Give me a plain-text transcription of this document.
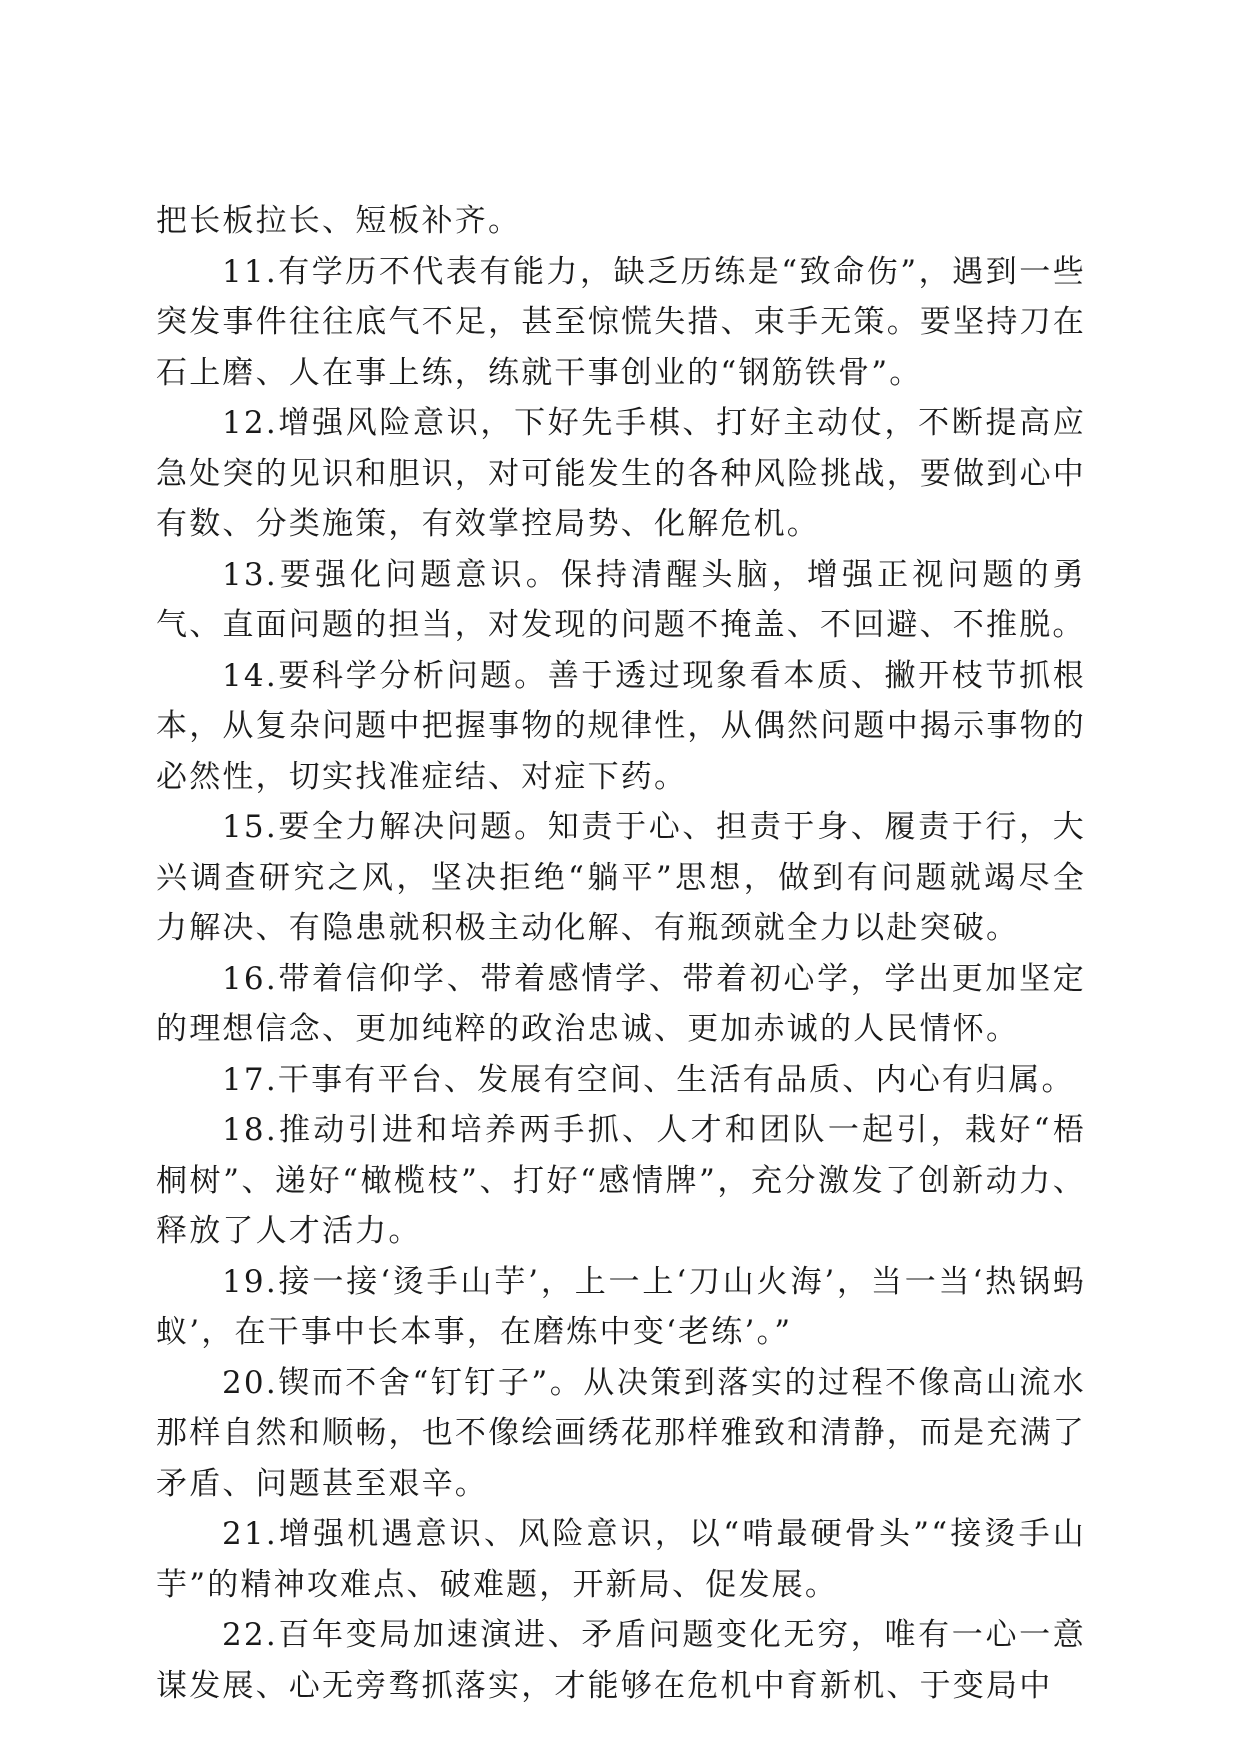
把长板拉长、短板补齐。

11.有学历不代表有能力，缺乏历练是“致命伤”，遇到一些突发事件往往底气不足，甚至惊慌失措、束手无策。要坚持刀在石上磨、人在事上练，练就干事创业的“钢筋铁骨”。

12.增强风险意识，下好先手棋、打好主动仗，不断提高应急处突的见识和胆识，对可能发生的各种风险挑战，要做到心中有数、分类施策，有效掌控局势、化解危机。

13.要强化问题意识。保持清醒头脑，增强正视问题的勇气、直面问题的担当，对发现的问题不掩盖、不回避、不推脱。

14.要科学分析问题。善于透过现象看本质、撇开枝节抓根本，从复杂问题中把握事物的规律性，从偶然问题中揭示事物的必然性，切实找准症结、对症下药。

15.要全力解决问题。知责于心、担责于身、履责于行，大兴调查研究之风，坚决拒绝“躺平”思想，做到有问题就竭尽全力解决、有隐患就积极主动化解、有瓶颈就全力以赴突破。

16.带着信仰学、带着感情学、带着初心学，学出更加坚定的理想信念、更加纯粹的政治忠诚、更加赤诚的人民情怀。

17.干事有平台、发展有空间、生活有品质、内心有归属。

18.推动引进和培养两手抓、人才和团队一起引，栽好“梧桐树”、递好“橄榄枝”、打好“感情牌”，充分激发了创新动力、释放了人才活力。

19.接一接‘烫手山芋’，上一上‘刀山火海’，当一当‘热锅蚂蚁’，在干事中长本事，在磨炼中变‘老练’。”

20.锲而不舍“钉钉子”。从决策到落实的过程不像高山流水那样自然和顺畅，也不像绘画绣花那样雅致和清静，而是充满了矛盾、问题甚至艰辛。

21.增强机遇意识、风险意识，以“啃最硬骨头”“接烫手山芋”的精神攻难点、破难题，开新局、促发展。

22.百年变局加速演进、矛盾问题变化无穷，唯有一心一意谋发展、心无旁骛抓落实，才能够在危机中育新机、于变局中
